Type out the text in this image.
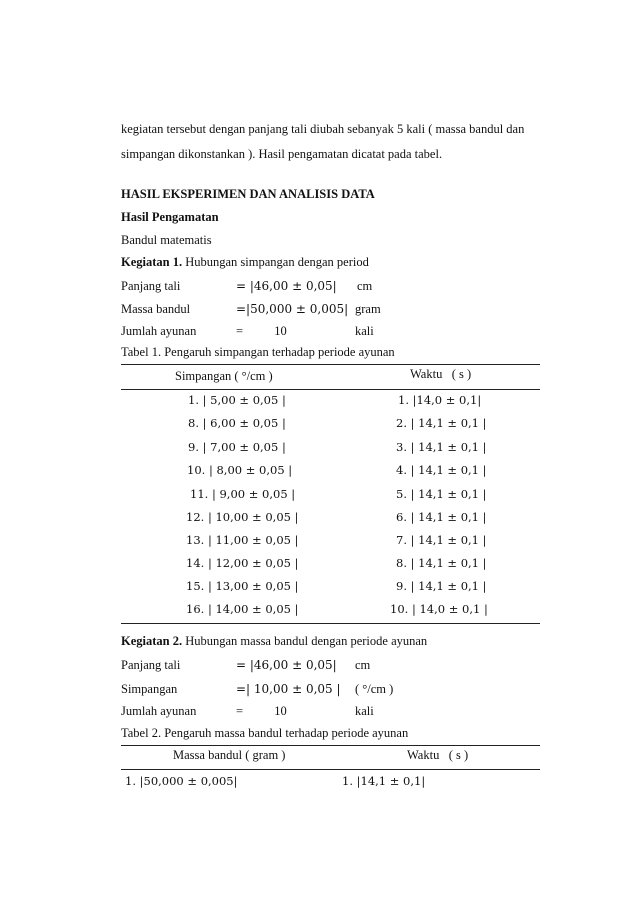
kegiatan tersebut dengan panjang tali diubah sebanyak 5 kali ( massa bandul dan
simpangan dikonstankan ). Hasil pengamatan dicatat pada tabel.
HASIL EKSPERIMEN DAN ANALISIS DATA
Hasil Pengamatan
Bandul matematis
Kegiatan 1. Hubungan simpangan dengan period
Panjang tali	= |46,00 ± 0,05| cm
Massa bandul	=|50,000 ± 0,005| gram
Jumlah ayunan	=          10	kali
Tabel 1. Pengaruh simpangan terhadap periode ayunan
Simpangan ( °/cm )	Waktu   ( s )
1. | 5,00 ± 0,05 |	1. |14,0 ± 0,1|
8. | 6,00 ± 0,05 |	2. | 14,1 ± 0,1 |
9. | 7,00 ± 0,05 |	3. | 14,1 ± 0,1 |
10. | 8,00 ± 0,05 |	4. | 14,1 ± 0,1 |
11. | 9,00 ± 0,05 |	5. | 14,1 ± 0,1 |
12. | 10,00 ± 0,05 |	6. | 14,1 ± 0,1 |
13. | 11,00 ± 0,05 |	7. | 14,1 ± 0,1 |
14. | 12,00 ± 0,05 |	8. | 14,1 ± 0,1 |
15. | 13,00 ± 0,05 |	9. | 14,1 ± 0,1 |
16. | 14,00 ± 0,05 |	10. | 14,0 ± 0,1 |
Kegiatan 2. Hubungan massa bandul dengan periode ayunan
Panjang tali	= |46,00 ± 0,05| cm
Simpangan	=| 10,00 ± 0,05 | ( °/cm )
Jumlah ayunan	=          10	kali
Tabel 2. Pengaruh massa bandul terhadap periode ayunan
Massa bandul ( gram )	Waktu   ( s )
1. |50,000 ± 0,005|	1. |14,1 ± 0,1|
